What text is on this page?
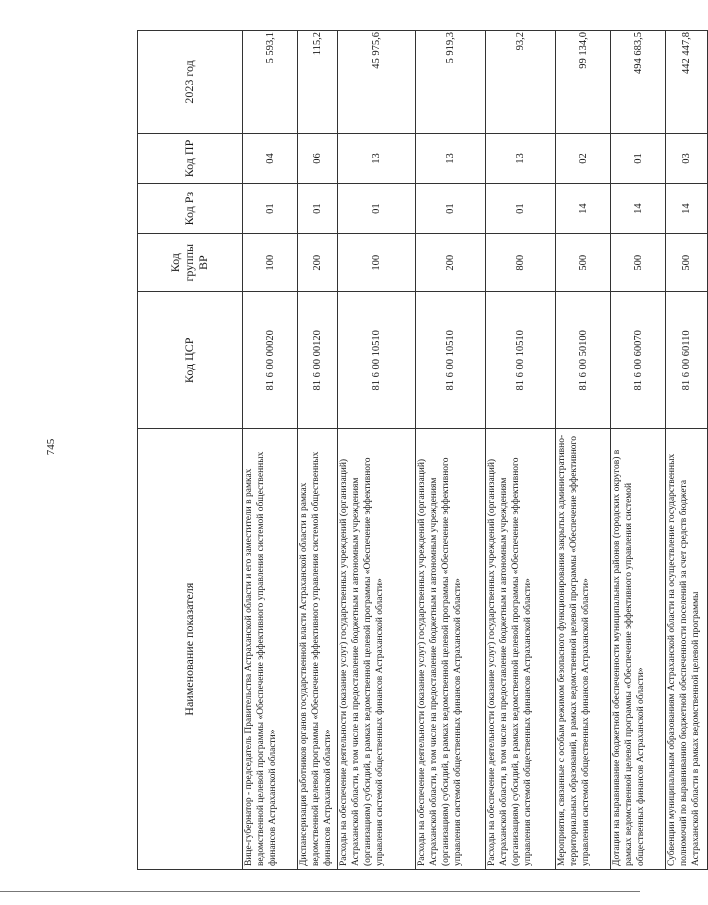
745
Наименование показателя	Код ЦСР	Код группы ВР	Код Рз	Код ПР	2023 год
Вице-губернатор - председатель Правительства Астраханской области и его заместители в рамках ведомственной целевой программы «Обеспечение эффективного управления системой общественных финансов Астраханской области»	81 6 00 00020	100	01	04	5 593,1
Диспансеризация работников органов государственной власти Астраханской области в рамках ведомственной целевой программы «Обеспечение эффективного управления системой общественных финансов Астраханской области»	81 6 00 00120	200	01	06	115,2
Расходы на обеспечение деятельности (оказание услуг) государственных учреждений (организаций) Астраханской области, в том числе на предоставление бюджетным и автономным учреждениям (организациям) субсидий, в рамках ведомственной целевой программы «Обеспечение эффективного управления системой общественных финансов Астраханской области»	81 6 00 10510	100	01	13	45 975,6
Расходы на обеспечение деятельности (оказание услуг) государственных учреждений (организаций) Астраханской области, в том числе на предоставление бюджетным и автономным учреждениям (организациям) субсидий, в рамках ведомственной целевой программы «Обеспечение эффективного управления системой общественных финансов Астраханской области»	81 6 00 10510	200	01	13	5 919,3
Расходы на обеспечение деятельности (оказание услуг) государственных учреждений (организаций) Астраханской области, в том числе на предоставление бюджетным и автономным учреждениям (организациям) субсидий, в рамках ведомственной целевой программы «Обеспечение эффективного управления системой общественных финансов Астраханской области»	81 6 00 10510	800	01	13	93,2
Мероприятия, связанные с особым режимом безопасного функционирования закрытых административно-территориальных образований, в рамках ведомственной целевой программы «Обеспечение эффективного управления системой общественных финансов Астраханской области»	81 6 00 50100	500	14	02	99 134,0
Дотации на выравнивание бюджетной обеспеченности муниципальных районов (городских округов) в рамках ведомственной целевой программы «Обеспечение эффективного управления системой общественных финансов Астраханской области»	81 6 00 60070	500	14	01	494 683,5
Субвенции муниципальным образованиям Астраханской области на осуществление государственных полномочий по выравниванию бюджетной обеспеченности поселений за счет средств бюджета Астраханской области в рамках ведомственной целевой программы	81 6 00 60110	500	14	03	442 447,8
